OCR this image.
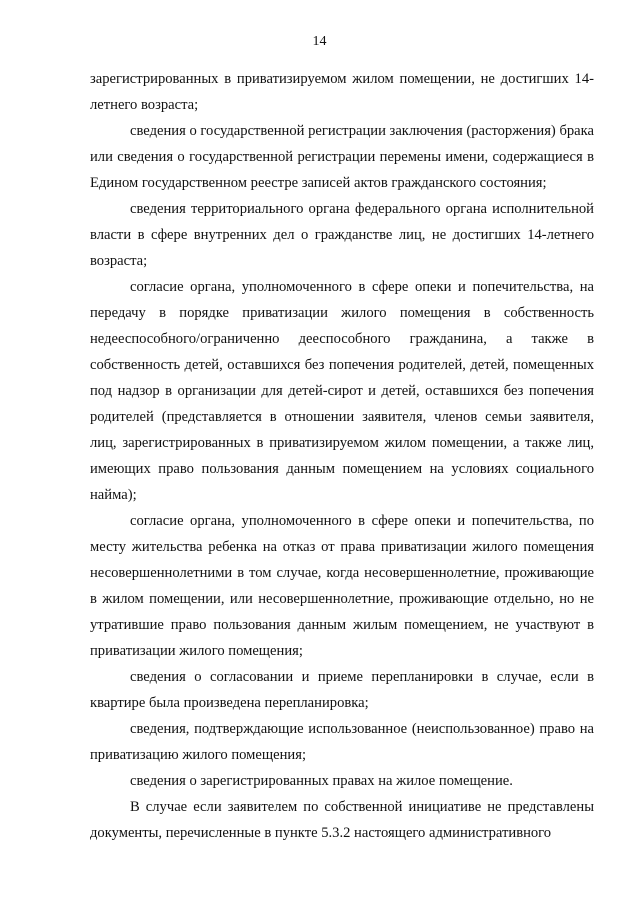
14

зарегистрированных в приватизируемом жилом помещении, не достигших 14-летнего возраста;

сведения о государственной регистрации заключения (расторжения) брака или сведения о государственной регистрации перемены имени, содержащиеся в Едином государственном реестре записей актов гражданского состояния;

сведения территориального органа федерального органа исполнительной власти в сфере внутренних дел о гражданстве лиц, не достигших 14-летнего возраста;

согласие органа, уполномоченного в сфере опеки и попечительства, на передачу в порядке приватизации жилого помещения в собственность недееспособного/ограниченно дееспособного гражданина, а также в собственность детей, оставшихся без попечения родителей, детей, помещенных под надзор в организации для детей-сирот и детей, оставшихся без попечения родителей (представляется в отношении заявителя, членов семьи заявителя, лиц, зарегистрированных в приватизируемом жилом помещении, а также лиц, имеющих право пользования данным помещением на условиях социального найма);

согласие органа, уполномоченного в сфере опеки и попечительства, по месту жительства ребенка на отказ от права приватизации жилого помещения несовершеннолетними в том случае, когда несовершеннолетние, проживающие в жилом помещении, или несовершеннолетние, проживающие отдельно, но не утратившие право пользования данным жилым помещением, не участвуют в приватизации жилого помещения;

сведения о согласовании и приеме перепланировки в случае, если в квартире была произведена перепланировка;

сведения, подтверждающие использованное (неиспользованное) право на приватизацию жилого помещения;

сведения о зарегистрированных правах на жилое помещение.

В случае если заявителем по собственной инициативе не представлены документы, перечисленные в пункте 5.3.2 настоящего административного
